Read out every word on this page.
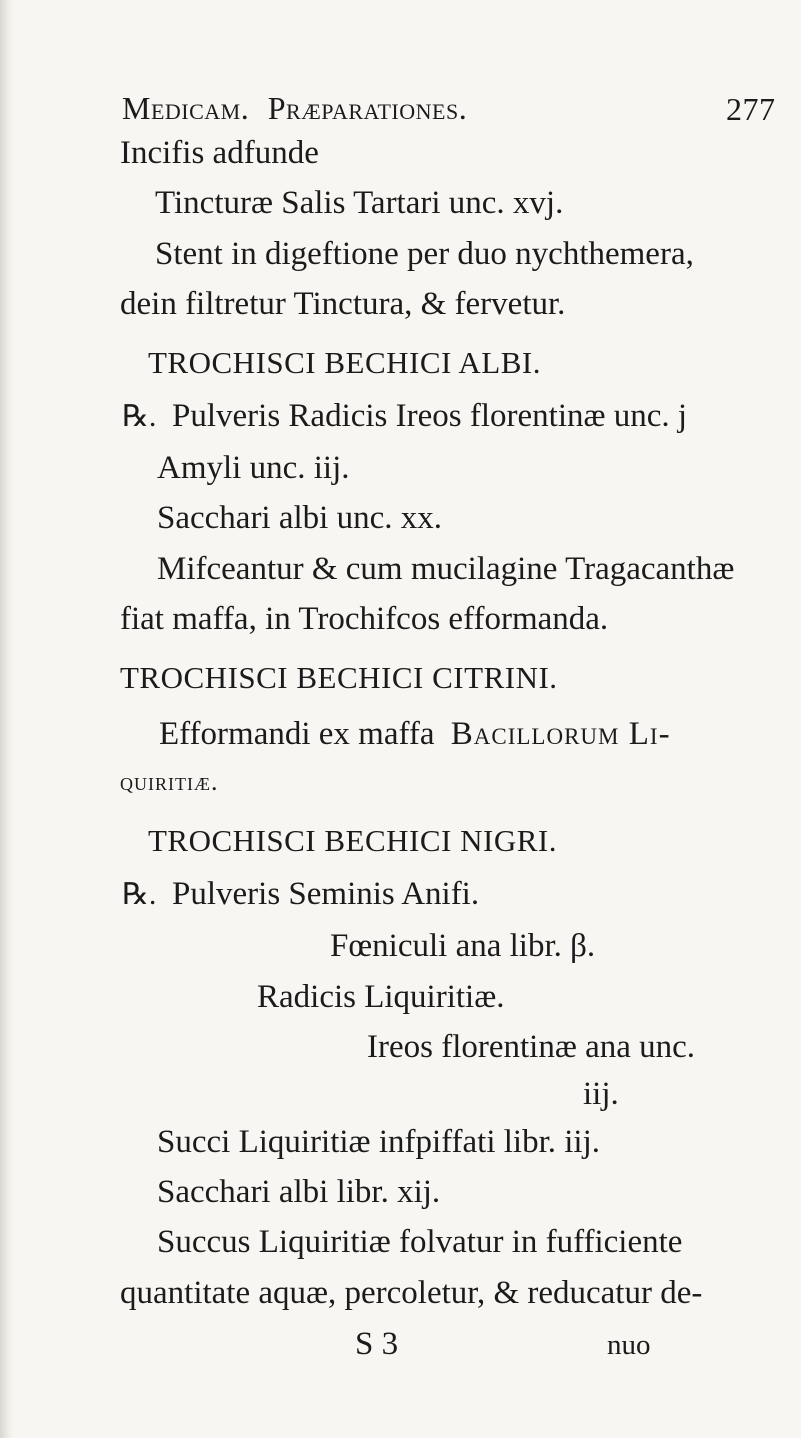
Medicam. Præparationes.	277
Incifis adfunde
Tincturæ Salis Tartari unc. xvj.
Stent in digeftione per duo nychthemera,
dein filtretur Tinctura, & fervetur.
TROCHISCI BECHICI ALBI.
℞. Pulveris Radicis Ireos florentinæ unc. j
Amyli unc. iij.
Sacchari albi unc. xx.
Mifceantur & cum mucilagine Tragacanthæ
fiat maffa, in Trochifcos efformanda.
TROCHISCI BECHICI CITRINI.
Efformandi ex maffa Bacillorum Li-
quiritiæ.
TROCHISCI BECHICI NIGRI.
℞. Pulveris Seminis Anifi.
Fœniculi ana libr. β.
Radicis Liquiritiæ.
Ireos florentinæ ana unc.
iij.
Succi Liquiritiæ infpiffati libr. iij.
Sacchari albi libr. xij.
Succus Liquiritiæ folvatur in fufficiente
quantitate aquæ, percoletur, & reducatur de-
S 3	nuo
